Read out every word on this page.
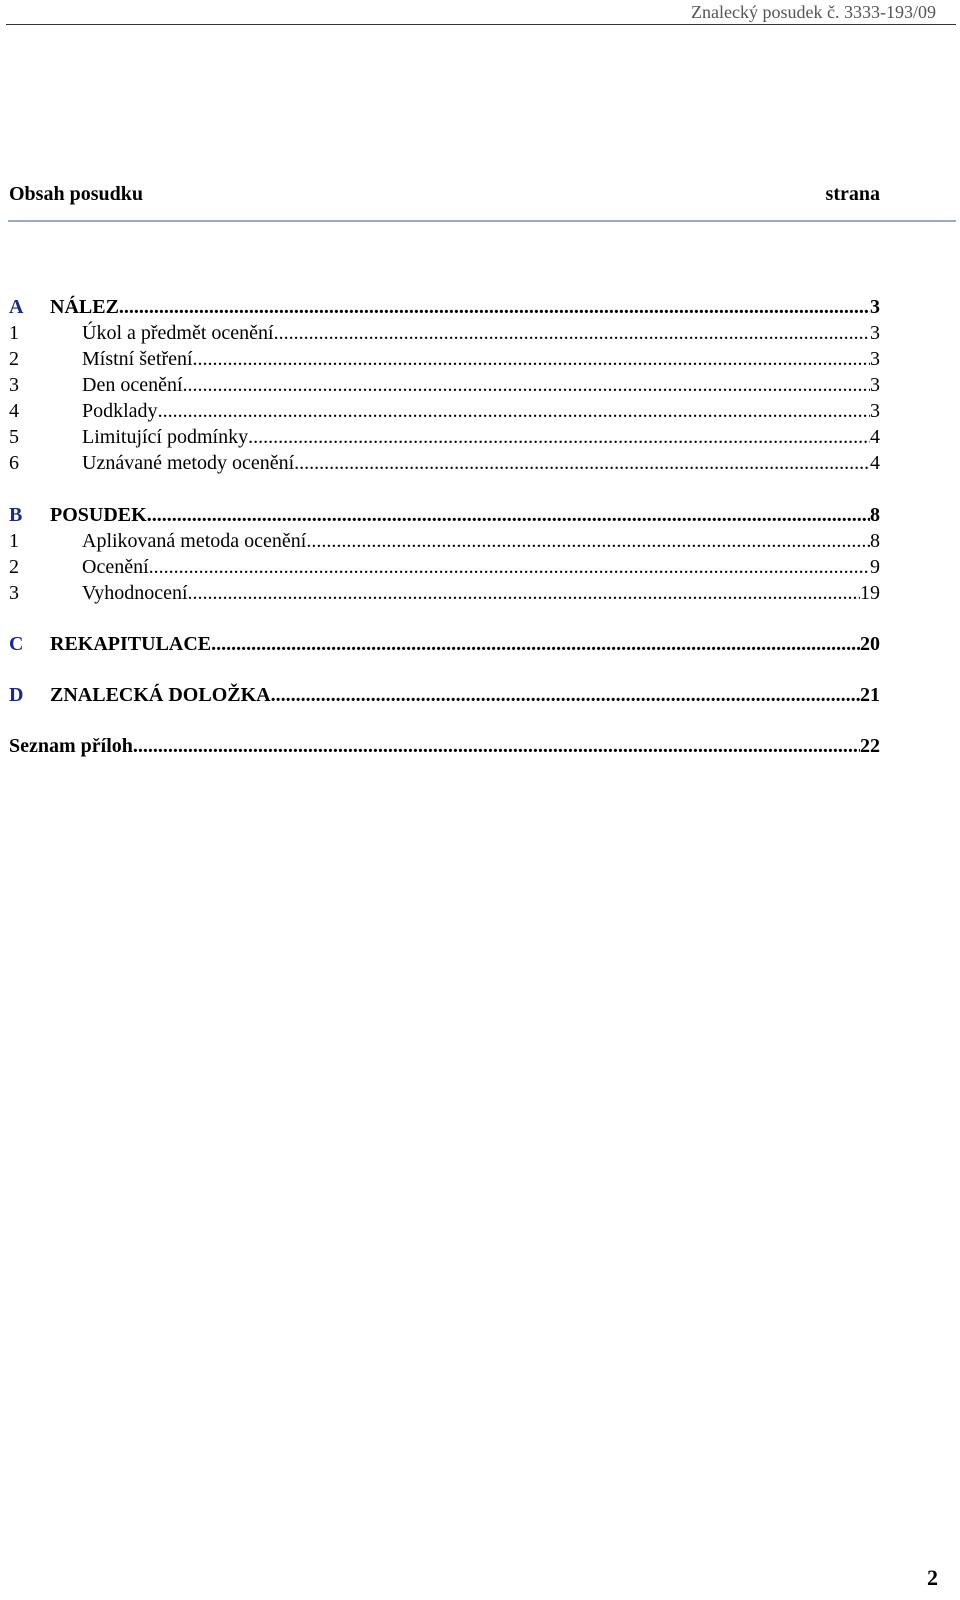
Znalecký posudek č. 3333-193/09
Obsah posudku	strana
A	NÁLEZ .....	3
1	Úkol a předmět ocenění .....	3
2	Místní šetření .....	3
3	Den ocenění .....	3
4	Podklady .....	3
5	Limitující podmínky .....	4
6	Uznávané metody ocenění .....	4
B	POSUDEK .....	8
1	Aplikovaná metoda ocenění .....	8
2	Ocenění .....	9
3	Vyhodnocení .....	19
C	REKAPITULACE .....	20
D	ZNALECKÁ DOLOŽKA .....	21
Seznam příloh .....	22
2
